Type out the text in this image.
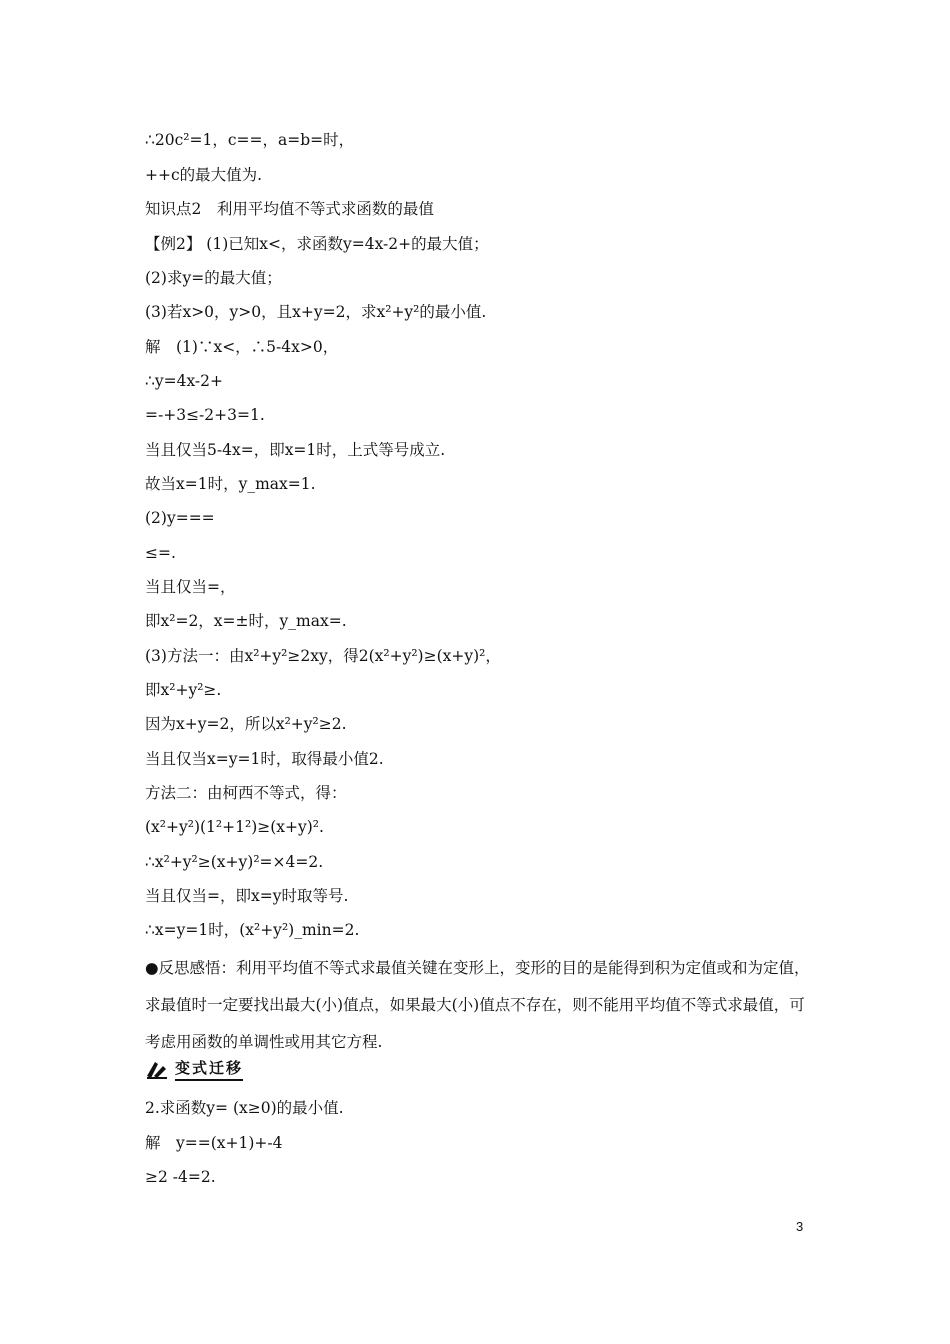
∴20c²=1，c==，a=b=时，
++c的最大值为.
知识点2　利用平均值不等式求函数的最值
【例2】 (1)已知x<，求函数y=4x-2+的最大值；
(2)求y=的最大值；
(3)若x>0，y>0，且x+y=2，求x²+y²的最小值.
解　(1)∵x<，∴5-4x>0，
∴y=4x-2+
=-+3≤-2+3=1.
当且仅当5-4x=，即x=1时，上式等号成立.
故当x=1时，y_max=1.
(2)y===
≤=.
当且仅当=，
即x²=2，x=±时，y_max=.
(3)方法一：由x²+y²≥2xy，得2(x²+y²)≥(x+y)²，
即x²+y²≥.
因为x+y=2，所以x²+y²≥2.
当且仅当x=y=1时，取得最小值2.
方法二：由柯西不等式，得：
(x²+y²)(1²+1²)≥(x+y)².
∴x²+y²≥(x+y)²=×4=2.
当且仅当=，即x=y时取等号.
∴x=y=1时，(x²+y²)_min=2.
●反思感悟：利用平均值不等式求最值关键在变形上，变形的目的是能得到积为定值或和为定值，求最值时一定要找出最大(小)值点，如果最大(小)值点不存在，则不能用平均值不等式求最值，可考虑用函数的单调性或用其它方程.
变式迁移
2.求函数y= (x≥0)的最小值.
解　y==(x+1)+-4
≥2 -4=2.
3
